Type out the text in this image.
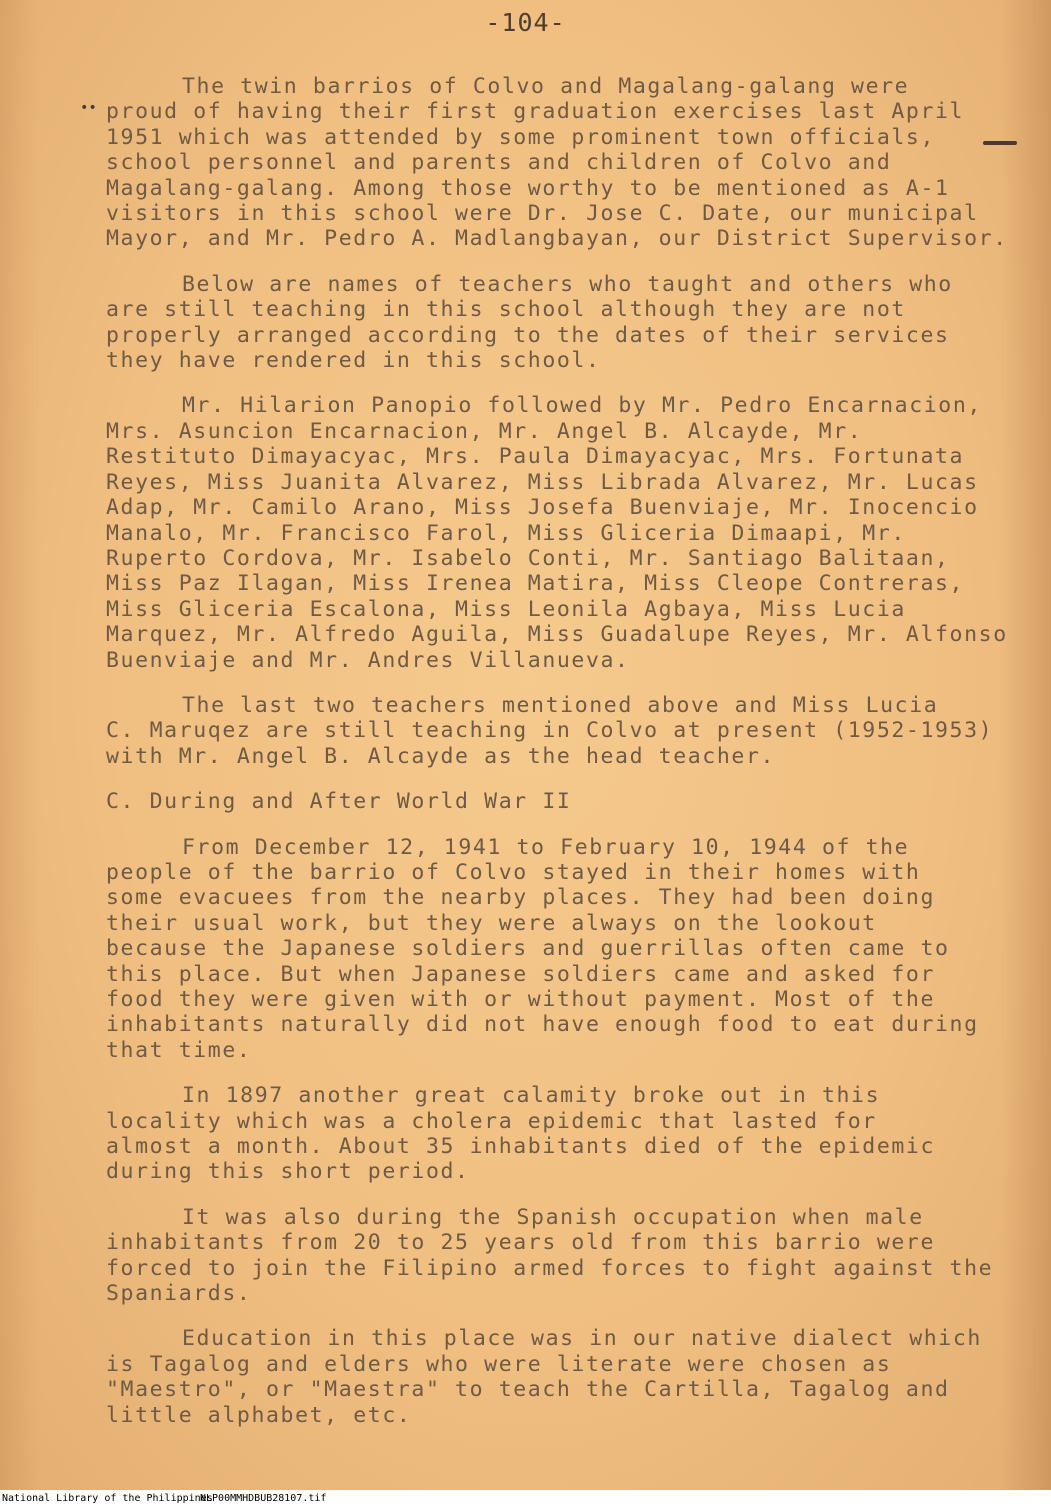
-104-
••
The twin barrios of Colvo and Magalang-galang were
proud of having their first graduation exercises last April
1951 which was attended by some prominent town officials,
school personnel and parents and children of Colvo and
Magalang-galang. Among those worthy to be mentioned as A-1
visitors in this school were Dr. Jose C. Date, our municipal
Mayor, and Mr. Pedro A. Madlangbayan, our District Supervisor.
Below are names of teachers who taught and others who
are still teaching in this school although they are not
properly arranged according to the dates of their services
they have rendered in this school.
Mr. Hilarion Panopio followed by Mr. Pedro Encarnacion,
Mrs. Asuncion Encarnacion, Mr. Angel B. Alcayde, Mr.
Restituto Dimayacyac, Mrs. Paula Dimayacyac, Mrs. Fortunata
Reyes, Miss Juanita Alvarez, Miss Librada Alvarez, Mr. Lucas
Adap, Mr. Camilo Arano, Miss Josefa Buenviaje, Mr. Inocencio
Manalo, Mr. Francisco Farol, Miss Gliceria Dimaapi, Mr.
Ruperto Cordova, Mr. Isabelo Conti, Mr. Santiago Balitaan,
Miss Paz Ilagan, Miss Irenea Matira, Miss Cleope Contreras,
Miss Gliceria Escalona, Miss Leonila Agbaya, Miss Lucia
Marquez, Mr. Alfredo Aguila, Miss Guadalupe Reyes, Mr. Alfonso
Buenviaje and Mr. Andres Villanueva.
The last two teachers mentioned above and Miss Lucia
C. Maruqez are still teaching in Colvo at present (1952-1953)
with Mr. Angel B. Alcayde as the head teacher.
C. During and After World War II
From December 12, 1941 to February 10, 1944 of the
people of the barrio of Colvo stayed in their homes with
some evacuees from the nearby places. They had been doing
their usual work, but they were always on the lookout
because the Japanese soldiers and guerrillas often came to
this place. But when Japanese soldiers came and asked for
food they were given with or without payment. Most of the
inhabitants naturally did not have enough food to eat during
that time.
In 1897 another great calamity broke out in this
locality which was a cholera epidemic that lasted for
almost a month. About 35 inhabitants died of the epidemic
during this short period.
It was also during the Spanish occupation when male
inhabitants from 20 to 25 years old from this barrio were
forced to join the Filipino armed forces to fight against the
Spaniards.
Education in this place was in our native dialect which
is Tagalog and elders who were literate were chosen as
"Maestro", or "Maestra" to teach the Cartilla, Tagalog and
little alphabet, etc.
National Library of the Philippines
NLP00MMHDBUB28107.tif
